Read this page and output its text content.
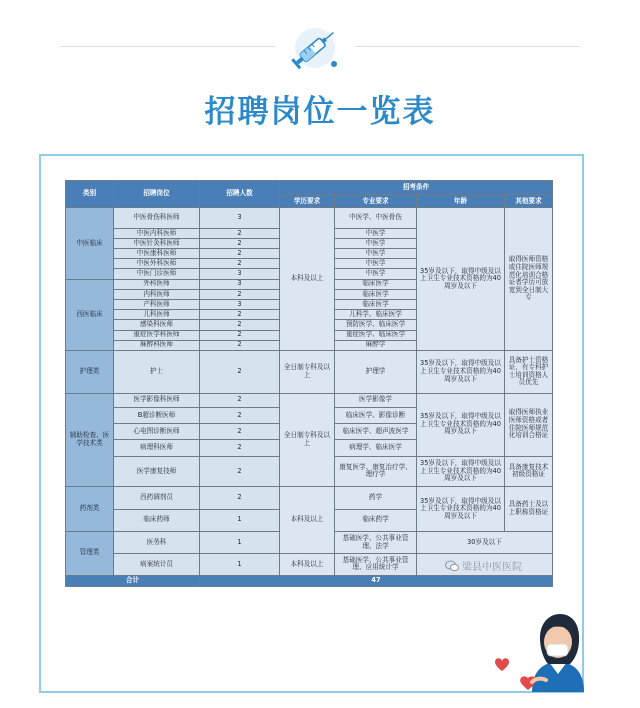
招聘岗位一览表
类别	招聘岗位	招聘人数	招考条件			
			学历要求	专业要求	年龄	其他要求
中医临床	中医骨伤科医师	3	本科及以上	中医学、中医骨伤	35岁及以下，取得中级及以上卫生专业技术资格的为40周岁及以下	取得医师资格或住院医师规范化培训合格证者学历可放宽到全日制大专
	中医内科医师	2		中医学		
	中医针灸科医师	2		中医学		
	中医康科医师	2		中医学		
	中医外科医师	2		中医学		
	中医门诊医师	3		中医学		
西医临床	外科医师	3		临床医学		
	内科医师	2		临床医学		
	产科医师	3		临床医学		
	儿科医师	2		儿科学、临床医学		
	感染科医师	2		预防医学、临床医学		
	重症医学科医师	2		重症医学、临床医学		
	麻醉科医师	2		麻醉学		
护理类	护士	2	全日制专科及以上	护理学	35岁及以下，取得中级及以上卫生专业技术资格的为40周岁及以下	具备护士资格证，有专科护士培训资格人员优先
辅助检查、医学技术类	医学影像科医师	2	全日制专科及以上	医学影像学	35岁及以下，取得中级及以上卫生专业技术资格的为40周岁及以下	取得医师执业医师资格或者住院医师规范化培训合格证
	B超诊断医师	2		临床医学、影像诊断		
	心电图诊断医师	2		临床医学、超声波医学		
	病理科医师	2		病理学、临床医学		
	医学康复技师	2		康复医学、康复治疗学、理疗学	35岁及以下，取得中级及以上卫生专业技术资格的为40周岁及以下	具备康复技术初级资格证
药剂类	西药调剂员	2	本科及以上	药学	35岁及以下，取得中级及以上卫生专业技术资格的为40周岁及以下	具备药士及以上职称资格证
	临床药师	1		临床药学		
管理类	医务科	1		基础医学、公共事业管理、法学	30岁及以下	
	病案统计员	1	本科及以上	基础医学、公共事业管理、应用统计学		
合计		47				
梁县中医医院
